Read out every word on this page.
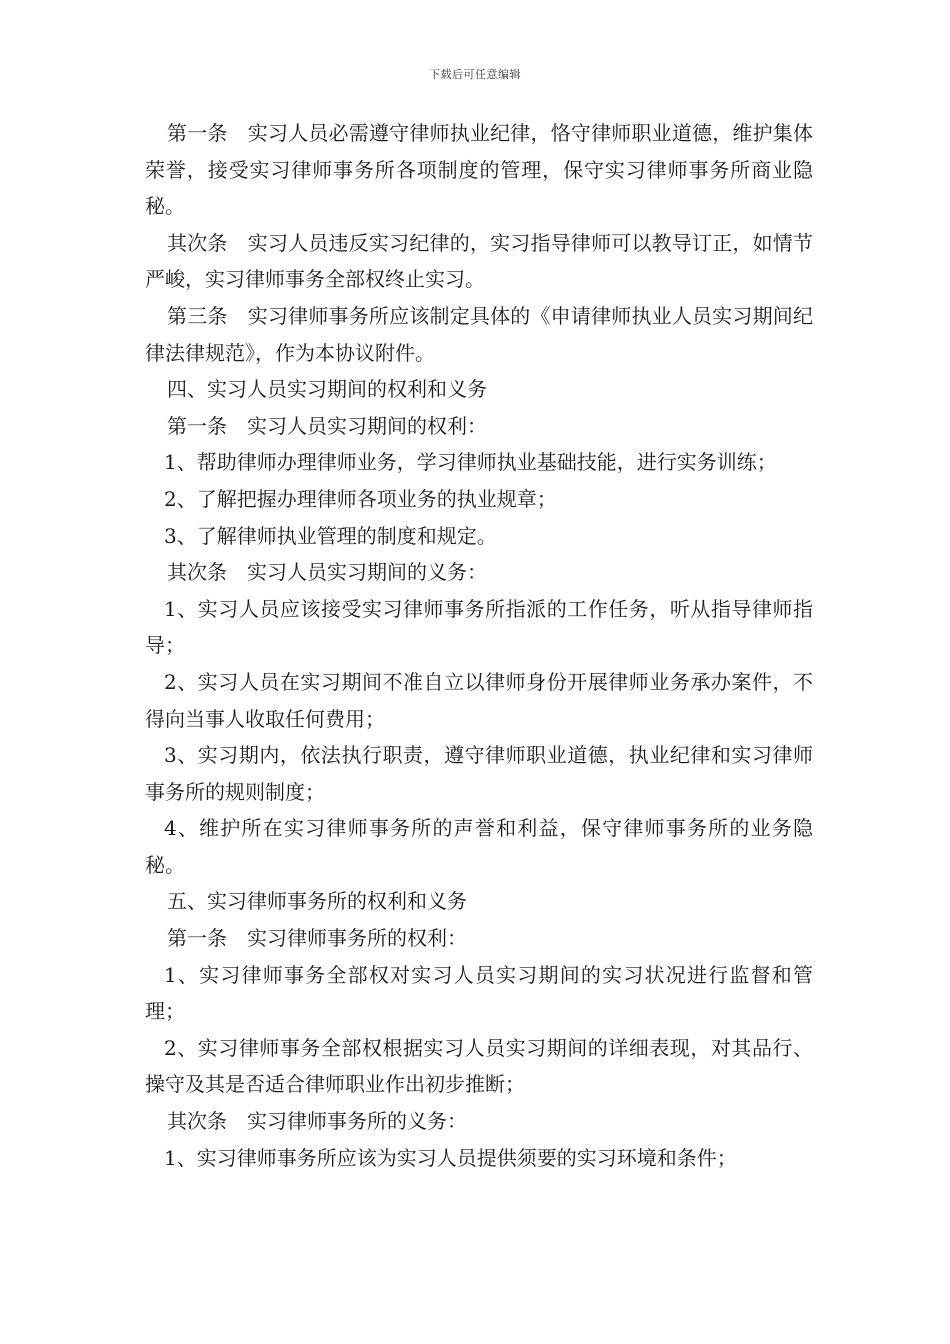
下载后可任意编辑

第一条　实习人员必需遵守律师执业纪律，恪守律师职业道德，维护集体荣誉，接受实习律师事务所各项制度的管理，保守实习律师事务所商业隐秘。

其次条　实习人员违反实习纪律的，实习指导律师可以教导订正，如情节严峻，实习律师事务全部权终止实习。

第三条　实习律师事务所应该制定具体的《申请律师执业人员实习期间纪律法律规范》，作为本协议附件。

四、实习人员实习期间的权利和义务

第一条　实习人员实习期间的权利：

1、帮助律师办理律师业务，学习律师执业基础技能，进行实务训练；

2、了解把握办理律师各项业务的执业规章；

3、了解律师执业管理的制度和规定。

其次条　实习人员实习期间的义务：

1、实习人员应该接受实习律师事务所指派的工作任务，听从指导律师指导；

2、实习人员在实习期间不准自立以律师身份开展律师业务承办案件，不得向当事人收取任何费用；

3、实习期内，依法执行职责，遵守律师职业道德，执业纪律和实习律师事务所的规则制度；

4、维护所在实习律师事务所的声誉和利益，保守律师事务所的业务隐秘。

五、实习律师事务所的权利和义务

第一条　实习律师事务所的权利：

1、实习律师事务全部权对实习人员实习期间的实习状况进行监督和管理；

2、实习律师事务全部权根据实习人员实习期间的详细表现，对其品行、操守及其是否适合律师职业作出初步推断；

其次条　实习律师事务所的义务：

1、实习律师事务所应该为实习人员提供须要的实习环境和条件；
